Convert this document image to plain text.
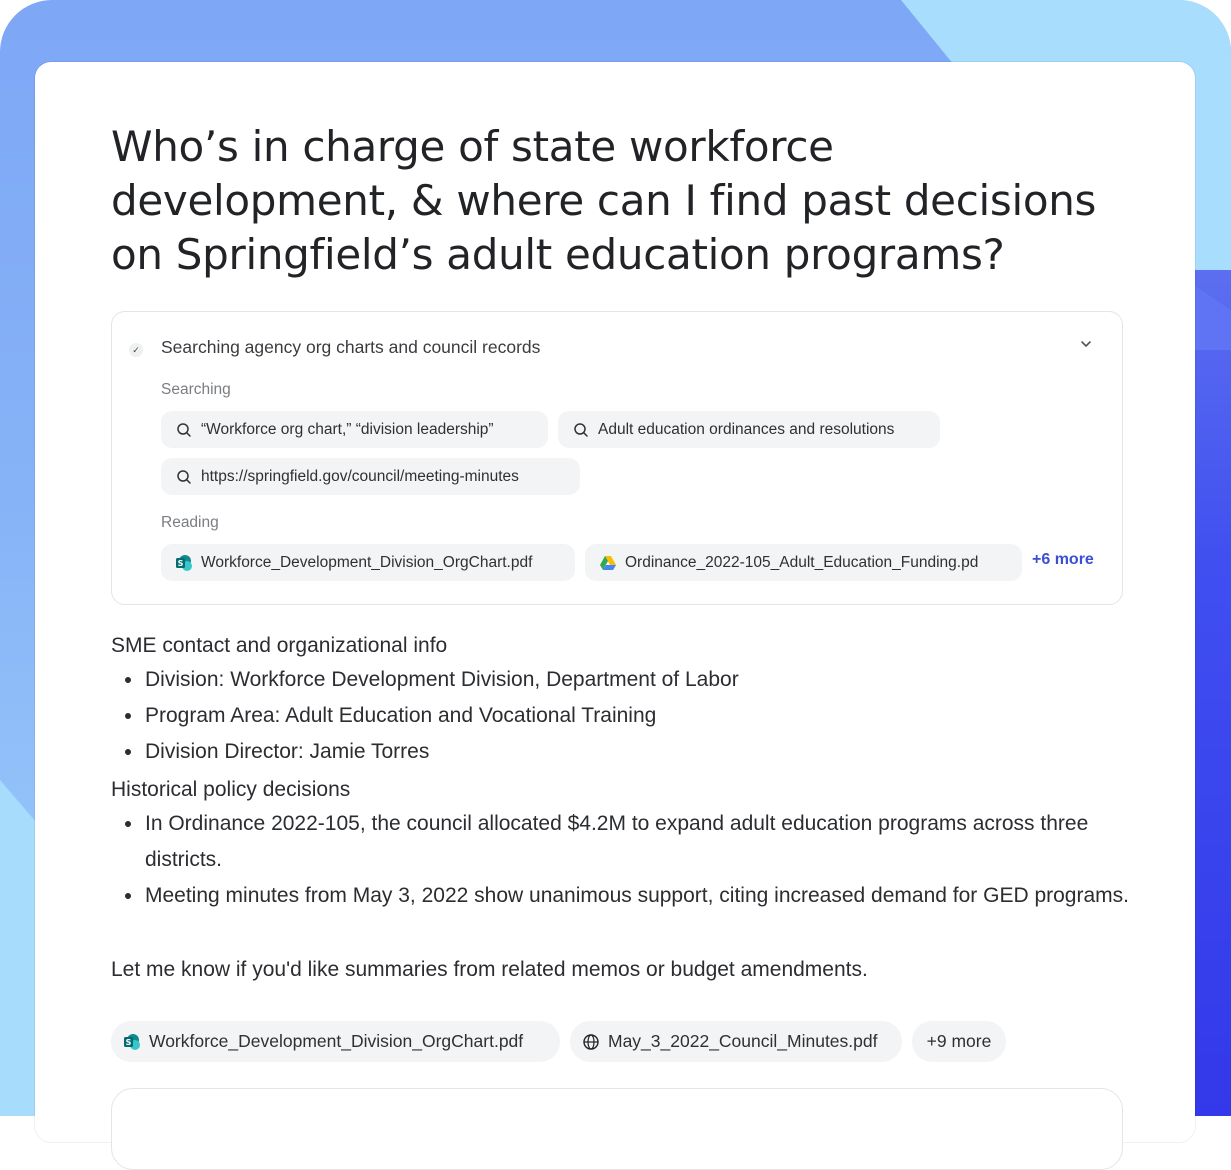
Who’s in charge of state workforce development, & where can I find past decisions on Springfield’s adult education programs?
✓ Searching agency org charts and council records
Searching
“Workforce org chart,” “division leadership”	Adult education ordinances and resolutions
https://springfield.gov/council/meeting-minutes
Reading
S Workforce_Development_Division_OrgChart.pdf	Ordinance_2022-105_Adult_Education_Funding.pd	+6 more
SME contact and organizational info
Division: Workforce Development Division, Department of Labor
Program Area: Adult Education and Vocational Training
Division Director: Jamie Torres
Historical policy decisions
In Ordinance 2022-105, the council allocated $4.2M to expand adult education programs across three districts.
Meeting minutes from May 3, 2022 show unanimous support, citing increased demand for GED programs.
Let me know if you'd like summaries from related memos or budget amendments.
S Workforce_Development_Division_OrgChart.pdf	May_3_2022_Council_Minutes.pdf	+9 more
